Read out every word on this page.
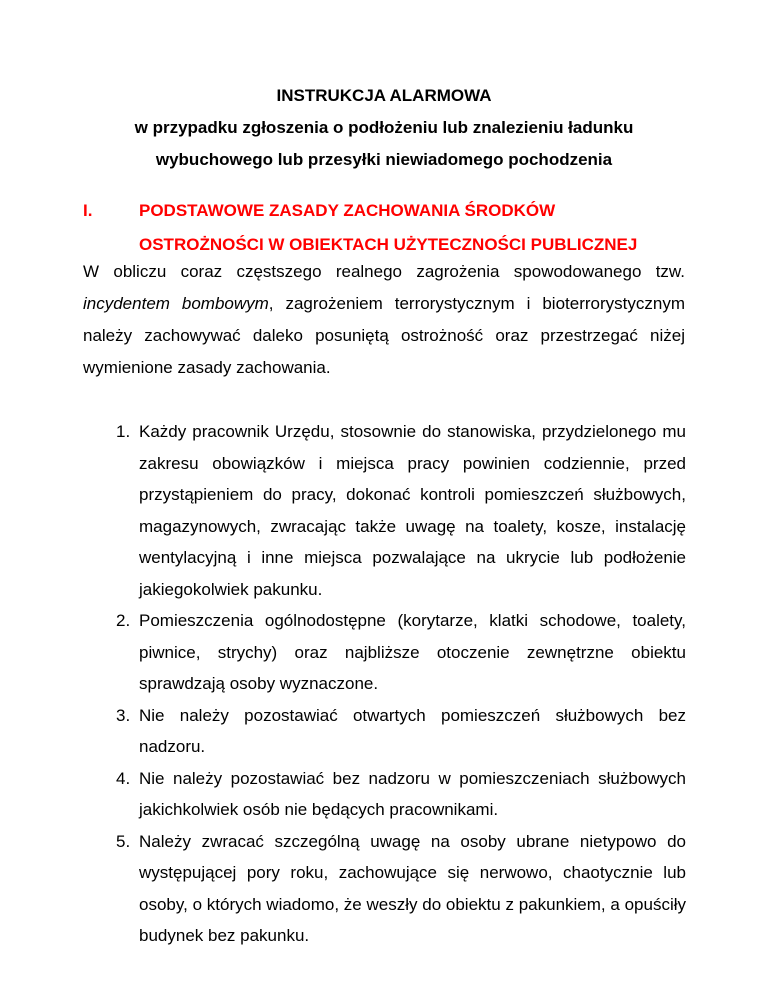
INSTRUKCJA ALARMOWA
w przypadku zgłoszenia o podłożeniu lub znalezieniu ładunku
wybuchowego lub przesyłki niewiadomego pochodzenia
I.	PODSTAWOWE ZASADY ZACHOWANIA ŚRODKÓW
OSTROŻNOŚCI W OBIEKTACH UŻYTECZNOŚCI PUBLICZNEJ

W obliczu coraz częstszego realnego zagrożenia spowodowanego tzw. incydentem bombowym, zagrożeniem terrorystycznym i bioterrorystycznym należy zachowywać daleko posuniętą ostrożność oraz przestrzegać niżej wymienione zasady zachowania.

1. Każdy pracownik Urzędu, stosownie do stanowiska, przydzielonego mu zakresu obowiązków i miejsca pracy powinien codziennie, przed przystąpieniem do pracy, dokonać kontroli pomieszczeń służbowych, magazynowych, zwracając także uwagę na toalety, kosze, instalację wentylacyjną i inne miejsca pozwalające na ukrycie lub podłożenie jakiegokolwiek pakunku.
2. Pomieszczenia ogólnodostępne (korytarze, klatki schodowe, toalety, piwnice, strychy) oraz najbliższe otoczenie zewnętrzne obiektu sprawdzają osoby wyznaczone.
3. Nie należy pozostawiać otwartych pomieszczeń służbowych bez nadzoru.
4. Nie należy pozostawiać bez nadzoru w pomieszczeniach służbowych jakichkolwiek osób nie będących pracownikami.
5. Należy zwracać szczególną uwagę na osoby ubrane nietypowo do występującej pory roku, zachowujące się nerwowo, chaotycznie lub osoby, o których wiadomo, że weszły do obiektu z pakunkiem, a opuściły budynek bez pakunku.
